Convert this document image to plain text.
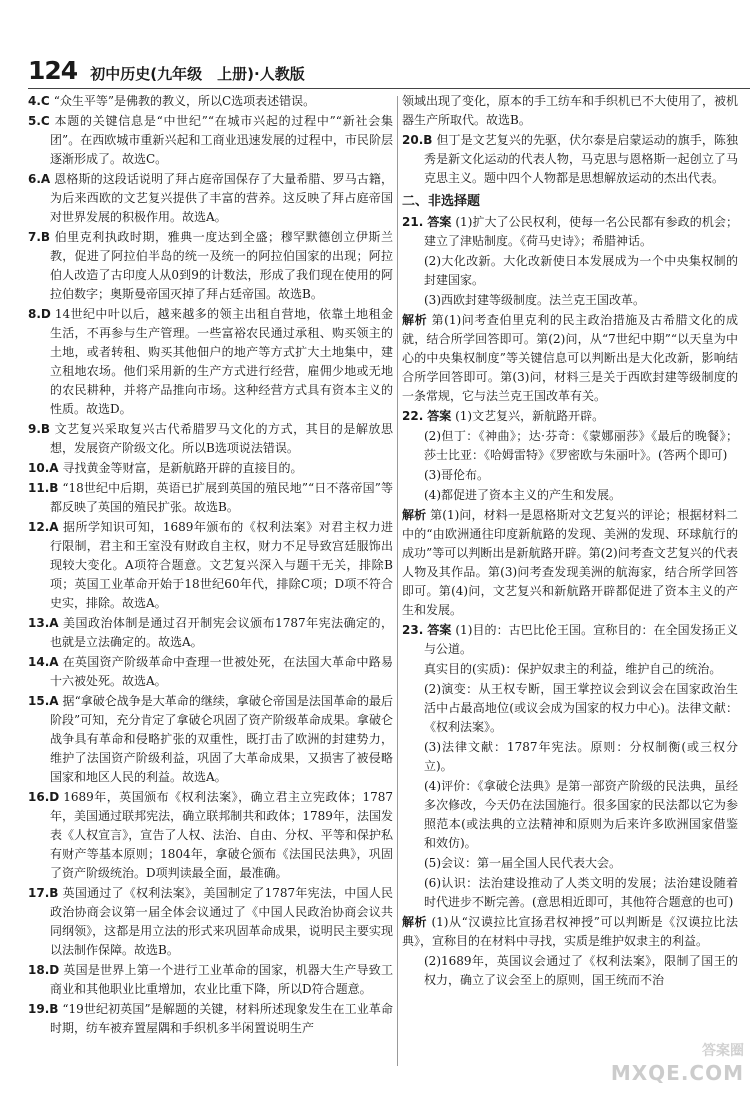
124 初中历史(九年级　上册)·人教版

4.C “众生平等”是佛教的教义，所以C选项表述错误。

5.C 本题的关键信息是“中世纪”“在城市兴起的过程中”“新社会集团”。在西欧城市重新兴起和工商业迅速发展的过程中，市民阶层逐渐形成了。故选C。

6.A 恩格斯的这段话说明了拜占庭帝国保存了大量希腊、罗马古籍，为后来西欧的文艺复兴提供了丰富的营养。这反映了拜占庭帝国对世界发展的积极作用。故选A。

7.B 伯里克利执政时期，雅典一度达到全盛；穆罕默德创立伊斯兰教，促进了阿拉伯半岛的统一及统一的阿拉伯国家的出现；阿拉伯人改造了古印度人从0到9的计数法，形成了我们现在使用的阿拉伯数字；奥斯曼帝国灭掉了拜占廷帝国。故选B。

8.D 14世纪中叶以后，越来越多的领主出租自营地，依靠土地租金生活，不再参与生产管理。一些富裕农民通过承租、购买领主的土地，或者转租、购买其他佃户的地产等方式扩大土地集中，建立租地农场。他们采用新的生产方式进行经营，雇佣少地或无地的农民耕种，并将产品推向市场。这种经营方式具有资本主义的性质。故选D。

9.B 文艺复兴采取复兴古代希腊罗马文化的方式，其目的是解放思想，发展资产阶级文化。所以B选项说法错误。

10.A 寻找黄金等财富，是新航路开辟的直接目的。

11.B “18世纪中后期，英语已扩展到英国的殖民地”“日不落帝国”等都反映了英国的殖民扩张。故选B。

12.A 据所学知识可知，1689年颁布的《权利法案》对君主权力进行限制，君主和王室没有财政自主权，财力不足导致宫廷服饰出现较大变化。A项符合题意。文艺复兴深入与题干无关，排除B项；英国工业革命开始于18世纪60年代，排除C项；D项不符合史实，排除。故选A。

13.A 美国政治体制是通过召开制宪会议颁布1787年宪法确定的，也就是立法确定的。故选A。

14.A 在英国资产阶级革命中查理一世被处死，在法国大革命中路易十六被处死。故选A。

15.A 据“拿破仑战争是大革命的继续，拿破仑帝国是法国革命的最后阶段”可知，充分肯定了拿破仑巩固了资产阶级革命成果。拿破仑战争具有革命和侵略扩张的双重性，既打击了欧洲的封建势力，维护了法国资产阶级利益，巩固了大革命成果，又损害了被侵略国家和地区人民的利益。故选A。

16.D 1689年，英国颁布《权利法案》，确立君主立宪政体；1787年，美国通过联邦宪法，确立联邦制共和政体；1789年，法国发表《人权宣言》，宣告了人权、法治、自由、分权、平等和保护私有财产等基本原则；1804年，拿破仑颁布《法国民法典》，巩固了资产阶级统治。D项判读最全面，最准确。

17.B 英国通过了《权利法案》，美国制定了1787年宪法，中国人民政治协商会议第一届全体会议通过了《中国人民政治协商会议共同纲领》，这都是用立法的形式来巩固革命成果，说明民主要实现以法制作保障。故选B。

18.D 英国是世界上第一个进行工业革命的国家，机器大生产导致工商业和其他职业比重增加，农业比重下降，所以D符合题意。

19.B “19世纪初英国”是解题的关键，材料所述现象发生在工业革命时期，纺车被弃置屋隅和手织机多半闲置说明生产

领域出现了变化，原本的手工纺车和手织机已不大使用了，被机器生产所取代。故选B。

20.B 但丁是文艺复兴的先驱，伏尔泰是启蒙运动的旗手，陈独秀是新文化运动的代表人物，马克思与恩格斯一起创立了马克思主义。题中四个人物都是思想解放运动的杰出代表。

二、非选择题

21. 答案 (1)扩大了公民权利，使每一名公民都有参政的机会；建立了津贴制度。《荷马史诗》；希腊神话。

(2)大化改新。大化改新使日本发展成为一个中央集权制的封建国家。

(3)西欧封建等级制度。法兰克王国改革。

解析 第(1)问考查伯里克利的民主政治措施及古希腊文化的成就，结合所学回答即可。第(2)问，从“7世纪中期”“以天皇为中心的中央集权制度”等关键信息可以判断出是大化改新，影响结合所学回答即可。第(3)问，材料三是关于西欧封建等级制度的一条常规，它与法兰克王国改革有关。

22. 答案 (1)文艺复兴，新航路开辟。

(2)但丁：《神曲》；达·芬奇：《蒙娜丽莎》《最后的晚餐》；莎士比亚：《哈姆雷特》《罗密欧与朱丽叶》。(答两个即可)

(3)哥伦布。

(4)都促进了资本主义的产生和发展。

解析 第(1)问，材料一是恩格斯对文艺复兴的评论；根据材料二中的“由欧洲通往印度新航路的发现、美洲的发现、环球航行的成功”等可以判断出是新航路开辟。第(2)问考查文艺复兴的代表人物及其作品。第(3)问考查发现美洲的航海家，结合所学回答即可。第(4)问，文艺复兴和新航路开辟都促进了资本主义的产生和发展。

23. 答案 (1)目的：古巴比伦王国。宣称目的：在全国发扬正义与公道。

真实目的(实质)：保护奴隶主的利益，维护自己的统治。

(2)演变：从王权专断，国王掌控议会到议会在国家政治生活中占最高地位(或议会成为国家的权力中心)。法律文献：《权利法案》。

(3)法律文献：1787年宪法。原则：分权制衡(或三权分立)。

(4)评价：《拿破仑法典》是第一部资产阶级的民法典，虽经多次修改，今天仍在法国施行。很多国家的民法都以它为参照范本(或法典的立法精神和原则为后来许多欧洲国家借鉴和效仿)。

(5)会议：第一届全国人民代表大会。

(6)认识：法治建设推动了人类文明的发展；法治建设随着时代进步不断完善。(意思相近即可，其他符合题意的也可)

解析 (1)从“汉谟拉比宣扬君权神授”可以判断是《汉谟拉比法典》，宣称目的在材料中寻找，实质是维护奴隶主的利益。

(2)1689年，英国议会通过了《权利法案》，限制了国王的权力，确立了议会至上的原则，国王统而不治

答案圈
MXQE.COM
